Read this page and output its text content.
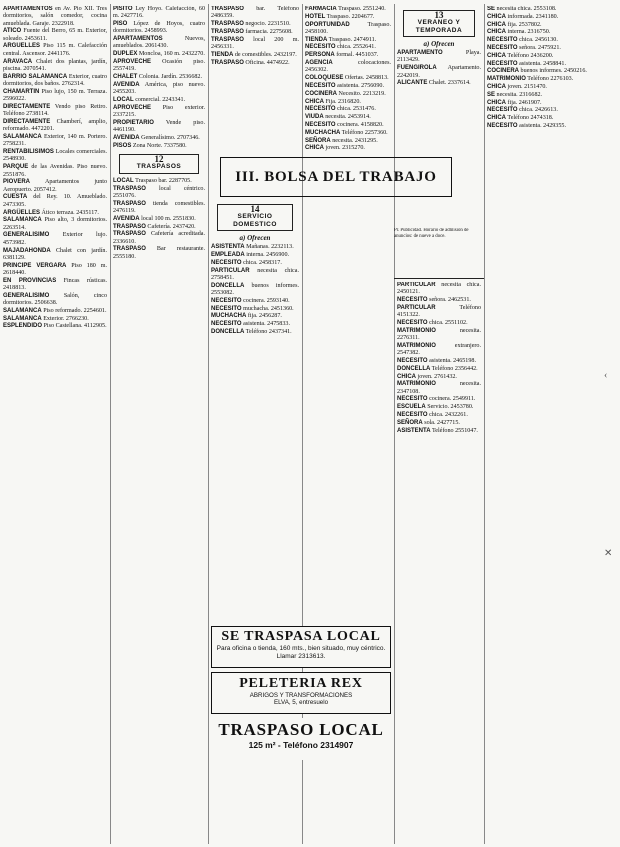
APARTAMENTOS en Av. Pio XII. Tres dormitorios, salón comedor, cocina amueblada. Garaje. 2322918.

ATICO Fuente del Berro, 65 m. Exterior, soleado. 2453611.

ARGUELLES Piso 115 m. Calefacción central. Ascensor. 2441176.

ARAVACA Chalet dos plantas, jardín, piscina. 2070541.

BARRIO SALAMANCA Exterior, cuatro dormitorios, dos baños. 2762314.

CHAMARTIN Piso lujo, 150 m. Terraza. 2596022.

DIRECTAMENTE Vendo piso Retiro. Teléfono 2738114.

DIRECTAMENTE Chamberí, amplio, reformado. 4472201.

SALAMANCA Exterior, 140 m. Portero. 2758231.

RENTABILISIMOS Locales comerciales. 2548930.

PARQUE de las Avenidas. Piso nuevo. 2551876.

PIOVERA Apartamentos junto Aeropuerto. 2057412.

CUESTA del Rey. 10. Amueblado. 2473305.

ARGÜELLES Ático terraza. 2435117.

SALAMANCA Piso alto, 3 dormitorios. 2263514.

GENERALISIMO Exterior lujo. 4573982.

MAJADAHONDA Chalet con jardín. 6381129.

PRINCIPE VERGARA Piso 180 m. 2618440.

EN PROVINCIAS Fincas rústicas. 2418813.

GENERALISIMO Salón, cinco dormitorios. 2506638.

SALAMANCA Piso reformado. 2254601.

SALAMANCA Exterior. 2766230.

ESPLENDIDO Piso Castellana. 4112905.

PISITO Ley Hoyo. Calefacción, 60 m. 2427716.

PISO López de Hoyos, cuatro dormitorios. 2458993.

APARTAMENTOS Nuevos, amueblados. 2061430.

DUPLEX Moncloa, 160 m. 2432270.

APROVECHE Ocasión piso. 2557419.

CHALET Colonia. Jardín. 2536682.

AVENIDA América, piso nuevo. 2455203.

LOCAL comercial. 2243341.

APROVECHE Piso exterior. 2337215.

PROPIETARIO Vende piso. 4461190.

AVENIDA Generalísimo. 2707346.

PISOS Zona Norte. 7337580.

12
TRASPASOS

LOCAL Traspaso bar. 2287705.

TRASPASO local céntrico. 2551076.

TRASPASO tienda comestibles. 2476119.

AVENIDA local 100 m. 2551830.

TRASPASO Cafetería. 2437420.

TRASPASO Cafetería acreditada. 2336610.

TRASPASO Bar restaurante. 2555180.

TRASPASO bar. Teléfono 2486359.

TRASPASO negocio. 2231510.

TRASPASO farmacia. 2275608.

TRASPASO local 200 m. 2456331.

TIENDA de comestibles. 2432197.

TRASPASO Oficina. 4474922.

FARMACIA Traspaso. 2551240.

HOTEL Traspaso. 2204677.

OPORTUNIDAD Traspaso. 2458100.

TIENDA Traspaso. 2474911.

NECESITO chica. 2552641.

PERSONA formal. 4451037.

AGENCIA colocaciones. 2456302.

COLOQUESE Ofertas. 2458813.

NECESITO asistenta. 2756090.

COCINERA Necesito. 2213219.

CHICA Fija. 2316820.

NECESITO chica. 2531476.

VIUDA necesita. 2453914.

NECESITO cocinera. 4158820.

MUCHACHA Teléfono 2257360.

SEÑORA necesita. 2431295.

CHICA joven. 2315270.

III. BOLSA DEL TRABAJO
14
SERVICIO DOMESTICO
a) Ofrecen

ASISTENTA Mañanas. 2232113.

EMPLEADA interna. 2456900.

NECESITO chica. 2458317.

PARTICULAR necesita chica. 2758451.

DONCELLA buenos informes. 2553082.

NECESITO cocinera. 2593140.

NECESITO muchacha. 2451360.

MUCHACHA fija. 2456287.

NECESITO asistenta. 2475833.

DONCELLA Teléfono 2437341.

13
VERANEO Y TEMPORADA
a) Ofrecen

APARTAMENTO Playa. 2113429.

FUENGIROLA Apartamento. 2242019.

ALICANTE Chalet. 2337614.

Pr. Publicidad. Horario de admisión de anuncios: de nueve a doce.

PARTICULAR necesita chica. 2450121.

NECESITO señora. 2462531.

PARTICULAR Teléfono 4151322.

NECESITO chica. 2551102.

MATRIMONIO necesita. 2276311.

MATRIMONIO extranjero. 2547382.

NECESITO asistenta. 2465198.

DONCELLA Teléfono 2356442.

CHICA joven. 2761432.

MATRIMONIO necesita. 2347108.

NECESITO cocinera. 2549911.

ESCUELA Servicio. 2453780.

NECESITO chica. 2432261.

SEÑORA sola. 2427715.

ASISTENTA Teléfono 2551047.

SE necesita chica. 2553108.

CHICA informada. 2341180.

CHICA fija. 2537802.

CHICA interna. 2316750.

NECESITO chica. 2456130.

NECESITO señora. 2475921.

CHICA Teléfono 2436200.

NECESITO asistenta. 2458841.

COCINERA buenos informes. 2450216.

MATRIMONIO Teléfono 2276103.

CHICA joven. 2151470.

SE necesita. 2316682.

CHICA fija. 2461907.

NECESITO chica. 2426613.

CHICA Teléfono 2474318.

NECESITO asistenta. 2429355.

SE TRASPASA LOCAL
Para oficina o tienda, 160 mts., bien situado, muy céntrico. Llamar 2313613.
PELETERIA REX
ABRIGOS Y TRANSFORMACIONES
ELVA, 5, entresuelo
TRASPASO LOCAL
125 m² - Teléfono 2314907
‹
✕
